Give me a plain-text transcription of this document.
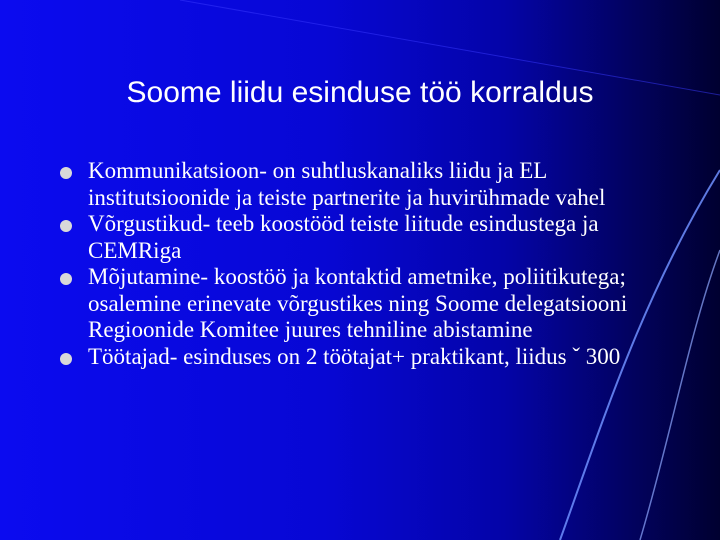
Soome liidu esinduse töö korraldus
Kommunikatsioon- on suhtluskanaliks liidu ja EL institutsioonide ja teiste partnerite ja huvirühmade vahel
Võrgustikud- teeb koostööd teiste liitude esindustega ja CEMRiga
Mõjutamine- koostöö ja kontaktid ametnike, poliitikutega; osalemine erinevate võrgustikes ning Soome delegatsiooni Regioonide Komitee juures tehniline abistamine
Töötajad- esinduses on 2 töötajat+ praktikant, liidus ˇ 300
